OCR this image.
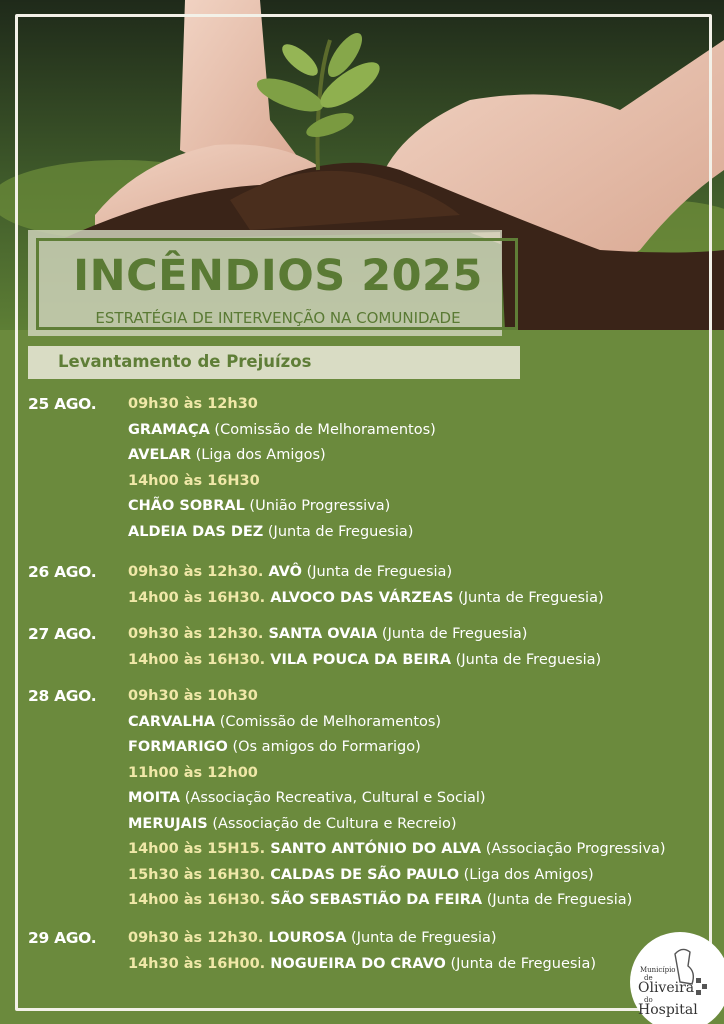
INCÊNDIOS 2025
ESTRATÉGIA DE INTERVENÇÃO NA COMUNIDADE
Levantamento de Prejuízos
25 AGO. 09h30 às 12h30
GRAMAÇA (Comissão de Melhoramentos)
AVELAR (Liga dos Amigos)
14h00 às 16H30
CHÃO SOBRAL (União Progressiva)
ALDEIA DAS DEZ (Junta de Freguesia)
26 AGO. 09h30 às 12h30. AVÔ (Junta de Freguesia)
14h00 às 16H30. ALVOCO DAS VÁRZEAS (Junta de Freguesia)
27 AGO. 09h30 às 12h30. SANTA OVAIA (Junta de Freguesia)
14h00 às 16H30. VILA POUCA DA BEIRA (Junta de Freguesia)
28 AGO. 09h30 às 10h30
CARVALHA (Comissão de Melhoramentos)
FORMARIGO (Os amigos do Formarigo)
11h00 às 12h00
MOITA (Associação Recreativa, Cultural e Social)
MERUJAIS (Associação de Cultura e Recreio)
14h00 às 15H15. SANTO ANTÓNIO DO ALVA (Associação Progressiva)
15h30 às 16H30. CALDAS DE SÃO PAULO (Liga dos Amigos)
14h00 às 16H30. SÃO SEBASTIÃO DA FEIRA (Junta de Freguesia)
29 AGO. 09h30 às 12h30. LOUROSA (Junta de Freguesia)
14h30 às 16H00. NOGUEIRA DO CRAVO (Junta de Freguesia)	Município
de
Oliveira
do
Hospital
